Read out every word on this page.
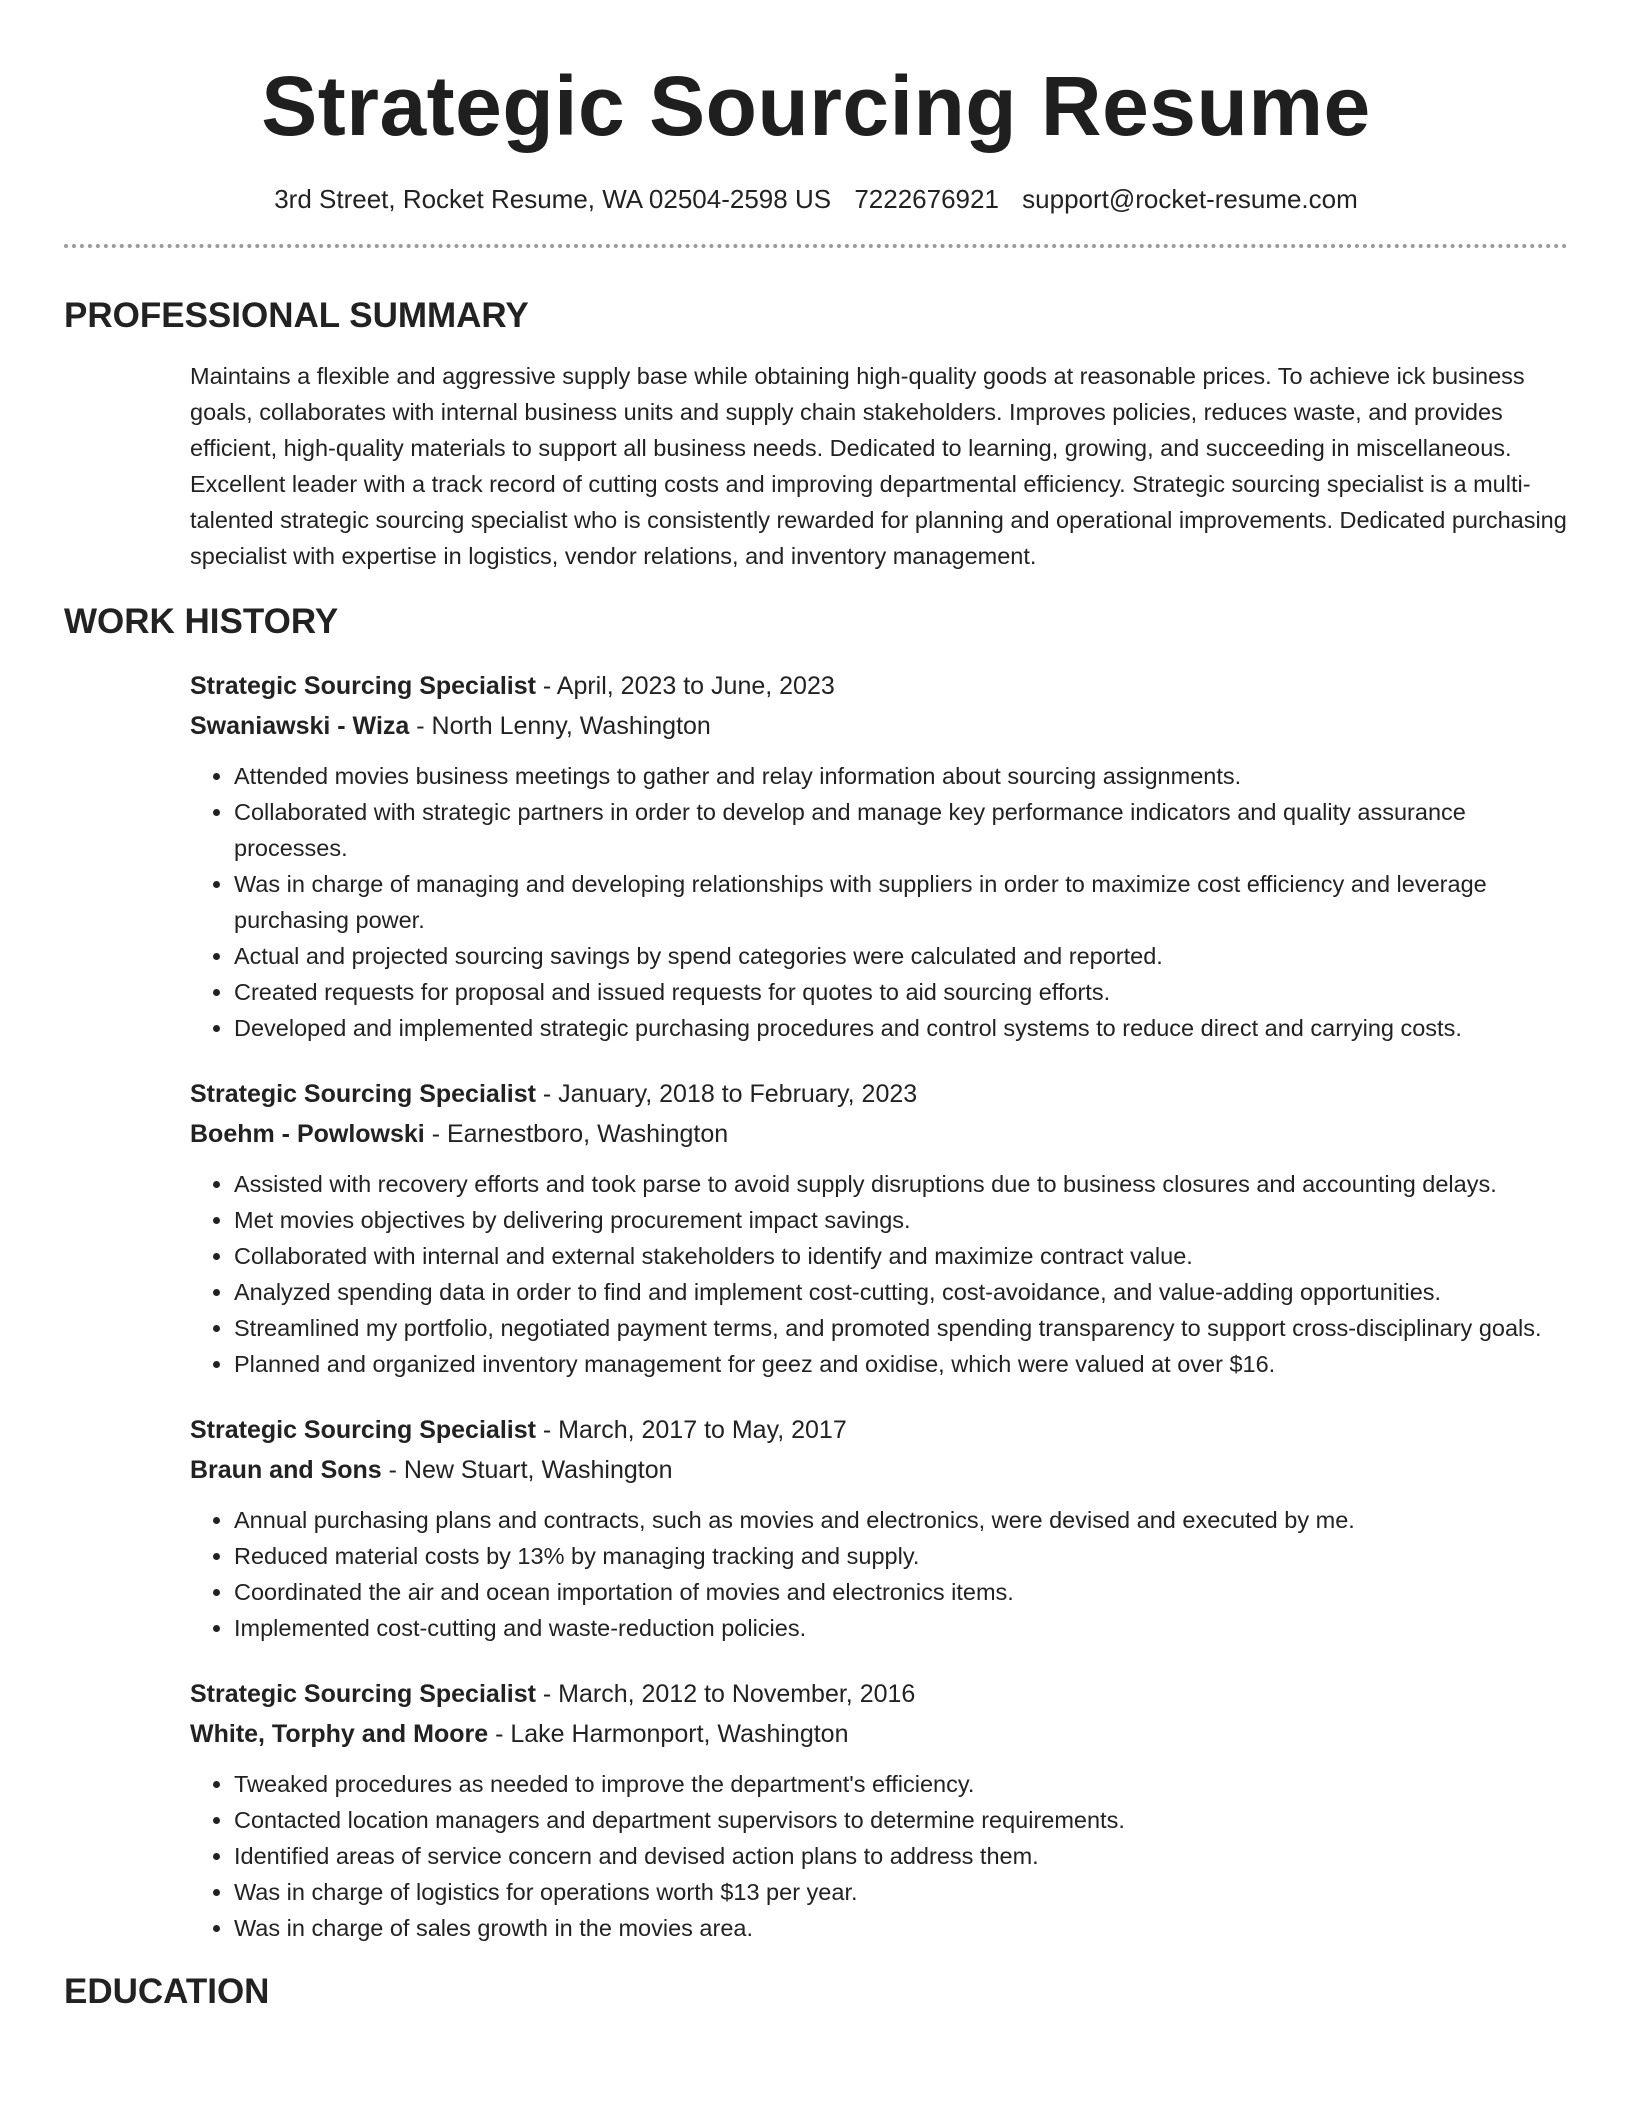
Strategic Sourcing Resume
3rd Street, Rocket Resume, WA 02504-2598 US 7222676921 support@rocket-resume.com
PROFESSIONAL SUMMARY
Maintains a flexible and aggressive supply base while obtaining high-quality goods at reasonable prices. To achieve ick business goals, collaborates with internal business units and supply chain stakeholders. Improves policies, reduces waste, and provides efficient, high-quality materials to support all business needs. Dedicated to learning, growing, and succeeding in miscellaneous. Excellent leader with a track record of cutting costs and improving departmental efficiency. Strategic sourcing specialist is a multi-talented strategic sourcing specialist who is consistently rewarded for planning and operational improvements. Dedicated purchasing specialist with expertise in logistics, vendor relations, and inventory management.
WORK HISTORY
Strategic Sourcing Specialist - April, 2023 to June, 2023
Swaniawski - Wiza - North Lenny, Washington
• Attended movies business meetings to gather and relay information about sourcing assignments.
• Collaborated with strategic partners in order to develop and manage key performance indicators and quality assurance processes.
• Was in charge of managing and developing relationships with suppliers in order to maximize cost efficiency and leverage purchasing power.
• Actual and projected sourcing savings by spend categories were calculated and reported.
• Created requests for proposal and issued requests for quotes to aid sourcing efforts.
• Developed and implemented strategic purchasing procedures and control systems to reduce direct and carrying costs.
Strategic Sourcing Specialist - January, 2018 to February, 2023
Boehm - Powlowski - Earnestboro, Washington
• Assisted with recovery efforts and took parse to avoid supply disruptions due to business closures and accounting delays.
• Met movies objectives by delivering procurement impact savings.
• Collaborated with internal and external stakeholders to identify and maximize contract value.
• Analyzed spending data in order to find and implement cost-cutting, cost-avoidance, and value-adding opportunities.
• Streamlined my portfolio, negotiated payment terms, and promoted spending transparency to support cross-disciplinary goals.
• Planned and organized inventory management for geez and oxidise, which were valued at over $16.
Strategic Sourcing Specialist - March, 2017 to May, 2017
Braun and Sons - New Stuart, Washington
• Annual purchasing plans and contracts, such as movies and electronics, were devised and executed by me.
• Reduced material costs by 13% by managing tracking and supply.
• Coordinated the air and ocean importation of movies and electronics items.
• Implemented cost-cutting and waste-reduction policies.
Strategic Sourcing Specialist - March, 2012 to November, 2016
White, Torphy and Moore - Lake Harmonport, Washington
• Tweaked procedures as needed to improve the department's efficiency.
• Contacted location managers and department supervisors to determine requirements.
• Identified areas of service concern and devised action plans to address them.
• Was in charge of logistics for operations worth $13 per year.
• Was in charge of sales growth in the movies area.
EDUCATION
